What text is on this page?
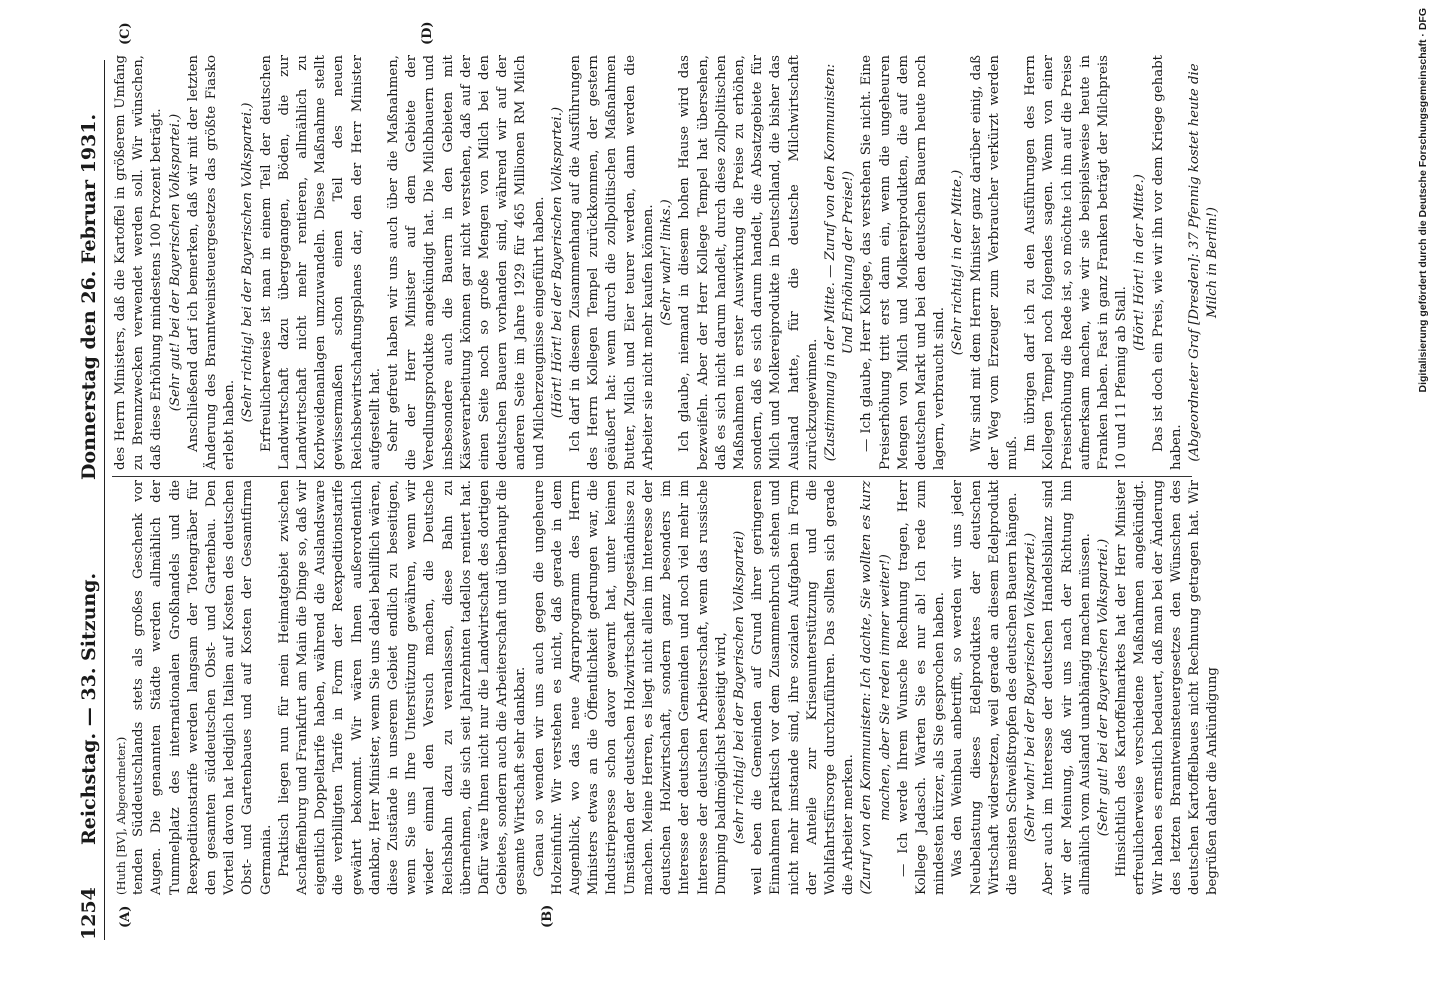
1254
Reichstag. — 33. Sitzung.
Donnerstag den 26. Februar 1931.
(A)	(B)
(C)	(D)

(Huth [BV], Abgeordneter.) tenden Süddeutschlands stets als großes Geschenk vor Augen. Die genannten Städte werden allmählich der Tummelplatz des internationalen Großhandels und die Reexpeditionstarife werden langsam der Totengräber für den gesamten süddeutschen Obst- und Gartenbau. Den Vorteil davon hat lediglich Italien auf Kosten des deutschen Obst- und Gartenbaues und auf Kosten der Gesamtfirma Germania. Praktisch liegen nun für mein Heimatgebiet zwischen Aschaffenburg und Frankfurt am Main die Dinge so, daß wir eigentlich Doppeltarife haben, während die Auslandsware die verbilligten Tarife in Form der Reexpeditionstarife gewährt bekommt. Wir wären Ihnen außerordentlich dankbar, Herr Minister, wenn Sie uns dabei behilflich wären, diese Zustände in unserem Gebiet endlich zu beseitigen, wenn Sie uns Ihre Unterstützung gewähren, wenn wir wieder einmal den Versuch machen, die Deutsche Reichsbahn dazu zu veranlassen, diese Bahn zu übernehmen, die sich seit Jahrzehnten tadellos rentiert hat. Dafür wäre Ihnen nicht nur die Landwirtschaft des dortigen Gebietes, sondern auch die Arbeiterschaft und überhaupt die gesamte Wirtschaft sehr dankbar. Genau so wenden wir uns auch gegen die ungeheure Holzeinfuhr. Wir verstehen es nicht, daß gerade in dem Augenblick, wo das neue Agrarprogramm des Herrn Ministers etwas an die Öffentlichkeit gedrungen war, die Industriepresse schon davor gewarnt hat, unter keinen Umständen der deutschen Holzwirtschaft Zugeständnisse zu machen. Meine Herren, es liegt nicht allein im Interesse der deutschen Holzwirtschaft, sondern ganz besonders im Interesse der deutschen Gemeinden und noch viel mehr im Interesse der deutschen Arbeiterschaft, wenn das russische Dumping baldmöglichst beseitigt wird, (sehr richtig! bei der Bayerischen Volkspartei) weil eben die Gemeinden auf Grund ihrer geringeren Einnahmen praktisch vor dem Zusammenbruch stehen und nicht mehr imstande sind, ihre sozialen Aufgaben in Form der Anteile zur Krisenunterstützung und die Wohlfahrtsfürsorge durchzuführen. Das sollten sich gerade die Arbeiter merken. (Zuruf von den Kommunisten: Ich dachte, Sie wollten es kurz machen, aber Sie reden immer weiter!) — Ich werde Ihrem Wunsche Rechnung tragen, Herr Kollege Jadasch. Warten Sie es nur ab! Ich rede zum mindesten kürzer, als Sie gesprochen haben. Was den Weinbau anbetrifft, so werden wir uns jeder Neubelastung dieses Edelproduktes der deutschen Wirtschaft widersetzen, weil gerade an diesem Edelprodukt die meisten Schweißtropfen des deutschen Bauern hängen. (Sehr wahr! bei der Bayerischen Volkspartei.) Aber auch im Interesse der deutschen Handelsbilanz sind wir der Meinung, daß wir uns nach der Richtung hin allmählich vom Ausland unabhängig machen müssen. (Sehr gut! bei der Bayerischen Volkspartei.) Hinsichtlich des Kartoffelmarktes hat der Herr Minister erfreulicherweise verschiedene Maßnahmen angekündigt. Wir haben es ernstlich bedauert, daß man bei der Änderung des letzten Branntweinsteuergesetzes den Wünschen des deutschen Kartoffelbaues nicht Rechnung getragen hat. Wir begrüßen daher die Ankündigung

des Herrn Ministers, daß die Kartoffel in größerem Umfang zu Brennzwecken verwendet werden soll. Wir wünschen, daß diese Erhöhung mindestens 100 Prozent beträgt. (Sehr gut! bei der Bayerischen Volkspartei.) Anschließend darf ich bemerken, daß wir mit der letzten Änderung des Branntweinsteuergesetzes das größte Fiasko erlebt haben.

(Sehr richtig! bei der Bayerischen Volkspartei.) Erfreulicherweise ist man in einem Teil der deutschen Landwirtschaft dazu übergegangen, Böden, die zur Landwirtschaft nicht mehr rentieren, allmählich zu Korbweidenanlagen umzuwandeln. Diese Maßnahme stellt gewissermaßen schon einen Teil des neuen Reichsbewirtschaftungsplanes dar, den der Herr Minister aufgestellt hat. Sehr gefreut haben wir uns auch über die Maßnahmen, die der Herr Minister auf dem Gebiete der Veredlungsprodukte angekündigt hat. Die Milchbauern und insbesondere auch die Bauern in den Gebieten mit Käseverarbeitung können gar nicht verstehen, daß auf der einen Seite noch so große Mengen von Milch bei den deutschen Bauern vorhanden sind, während wir auf der anderen Seite im Jahre 1929 für 465 Millionen RM Milch und Milcherzeugnisse eingeführt haben. (Hört! Hört! bei der Bayerischen Volkspartei.) Ich darf in diesem Zusammenhang auf die Ausführungen des Herrn Kollegen Tempel zurückkommen, der gestern geäußert hat: wenn durch die zollpolitischen Maßnahmen Butter, Milch und Eier teurer werden, dann werden die Arbeiter sie nicht mehr kaufen können. (Sehr wahr! links.) Ich glaube, niemand in diesem hohen Hause wird das bezweifeln. Aber der Herr Kollege Tempel hat übersehen, daß es sich nicht darum handelt, durch diese zollpolitischen Maßnahmen in erster Auswirkung die Preise zu erhöhen, sondern, daß es sich darum handelt, die Absatzgebiete für Milch und Molkereiprodukte in Deutschland, die bisher das Ausland hatte, für die deutsche Milchwirtschaft zurückzugewinnen. (Zustimmung in der Mitte. — Zuruf von den Kommunisten: Und Erhöhung der Preise!) — Ich glaube, Herr Kollege, das verstehen Sie nicht. Eine Preiserhöhung tritt erst dann ein, wenn die ungeheuren Mengen von Milch und Molkereiprodukten, die auf dem deutschen Markt und bei den deutschen Bauern heute noch lagern, verbraucht sind.

(Sehr richtig! in der Mitte.) Wir sind mit dem Herrn Minister ganz darüber einig, daß der Weg vom Erzeuger zum Verbraucher verkürzt werden muß.

Im übrigen darf ich zu den Ausführungen des Herrn Kollegen Tempel noch folgendes sagen. Wenn von einer Preiserhöhung die Rede ist, so möchte ich ihn auf die Preise aufmerksam machen, wie wir sie beispielsweise heute in Franken haben. Fast in ganz Franken beträgt der Milchpreis 10 und 11 Pfennig ab Stall.

(Hört! Hört! in der Mitte.) Das ist doch ein Preis, wie wir ihn vor dem Kriege gehabt haben. (Abgeordneter Graf [Dresden]: 37 Pfennig kostet heute die Milch in Berlin!)	Digitalisierung gefördert durch die Deutsche Forschungsgemeinschaft · DFG
